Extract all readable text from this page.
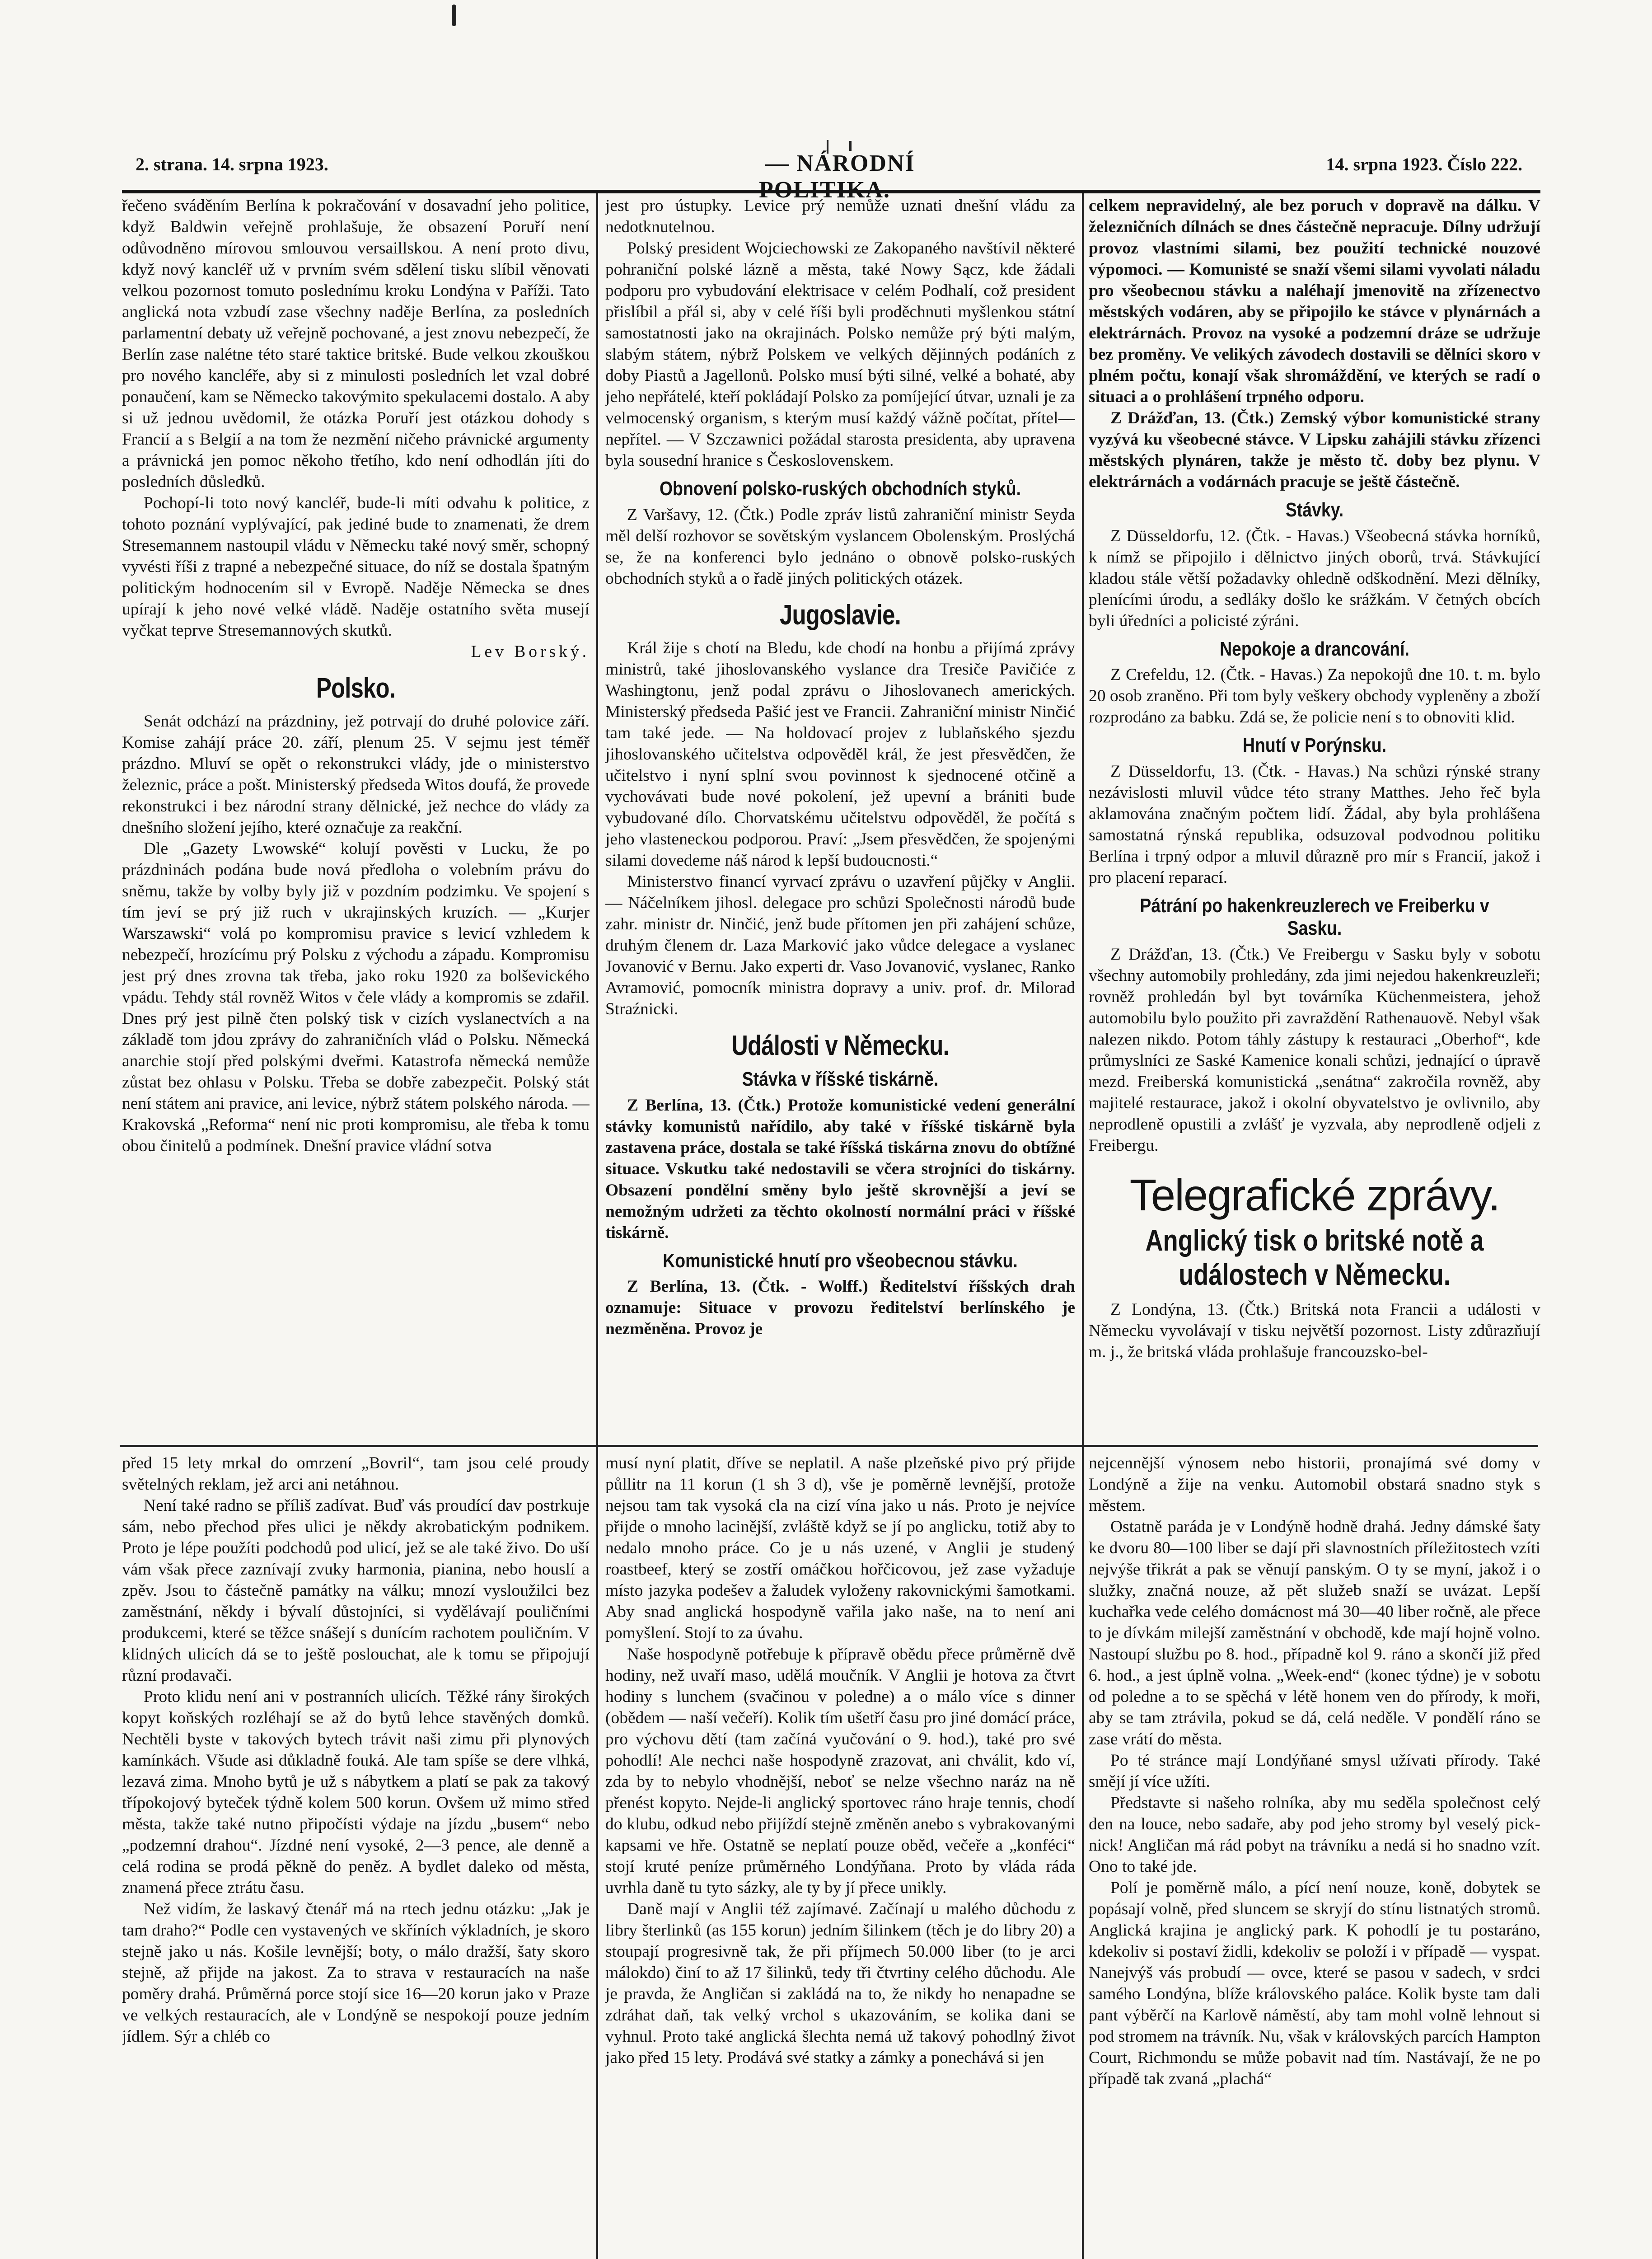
2. strana. 14. srpna 1923.	— NÁRODNÍ	14. srpna 1923. Číslo 222.

řečeno sváděním Berlína k pokračování v dosavadní jeho politice, když Baldwin veřejně prohlašuje, že obsazení Poruří není odůvodněno mírovou smlouvou versaillskou. A není proto divu, když nový kancléř už v prvním svém sdělení tisku slíbil věnovati velkou pozornost tomuto poslednímu kroku Londýna v Paříži. Tato anglická nota vzbudí zase všechny naděje Berlína, za posledních parlamentní debaty už veřejně pochované, a jest znovu nebezpečí, že Berlín zase nalétne této staré taktice britské. Bude velkou zkouškou pro nového kancléře, aby si z minulosti posledních let vzal dobré ponaučení, kam se Německo takovýmito spekulacemi dostalo. A aby si už jednou uvědomil, že otázka Poruří jest otázkou dohody s Francií a s Belgií a na tom že nezmění ničeho právnické argumenty a právnická jen pomoc někoho třetího, kdo není odhodlán jíti do posledních důsledků.

Pochopí-li toto nový kancléř, bude-li míti odvahu k politice, z tohoto poznání vyplývající, pak jediné bude to znamenati, že drem Stresemannem nastoupil vládu v Německu také nový směr, schopný vyvésti říši z trapné a nebezpečné situace, do níž se dostala špatným politickým hodnocením sil v Evropě. Naděje Německa se dnes upírají k jeho nové velké vládě. Naděje ostatního světa musejí vyčkat teprve Stresemannových skutků.

Lev Borský.
Polsko.

Senát odchází na prázdniny, jež potrvají do druhé polovice září. Komise zahájí práce 20. září, plenum 25. V sejmu jest téměř prázdno. Mluví se opět o rekonstrukci vlády, jde o ministerstvo železnic, práce a pošt. Ministerský předseda Witos doufá, že provede rekonstrukci i bez národní strany dělnické, jež nechce do vlády za dnešního složení jejího, které označuje za reakční.

Dle „Gazety Lwowské“ kolují pověsti v Lucku, že po prázdninách podána bude nová předloha o volebním právu do sněmu, takže by volby byly již v pozdním podzimku. Ve spojení s tím jeví se prý již ruch v ukrajinských kruzích. — „Kurjer Warszawski“ volá po kompromisu pravice s levicí vzhledem k nebezpečí, hrozícímu prý Polsku z východu a západu. Kompromisu jest prý dnes zrovna tak třeba, jako roku 1920 za bolševického vpádu. Tehdy stál rovněž Witos v čele vlády a kompromis se zdařil. Dnes prý jest pilně čten polský tisk v cizích vyslanectvích a na základě tom jdou zprávy do zahraničních vlád o Polsku. Německá anarchie stojí před polskými dveřmi. Katastrofa německá nemůže zůstat bez ohlasu v Polsku. Třeba se dobře zabezpečit. Polský stát není státem ani pravice, ani levice, nýbrž státem polského národa. — Krakovská „Reforma“ není nic proti kompromisu, ale třeba k tomu obou činitelů a podmínek. Dnešní pravice vládní sotva

jest pro ústupky. Levice prý nemůže uznati dnešní vládu za nedotknutelnou.

Polský president Wojciechowski ze Zakopaného navštívil některé pohraniční polské lázně a města, také Nowy Sącz, kde žádali podporu pro vybudování elektrisace v celém Podhalí, což president přislíbil a přál si, aby v celé říši byli proděchnuti myšlenkou státní samostatnosti jako na okrajinách. Polsko nemůže prý býti malým, slabým státem, nýbrž Polskem ve velkých dějinných podáních z doby Piastů a Jagellonů. Polsko musí býti silné, velké a bohaté, aby jeho nepřátelé, kteří pokládají Polsko za pomíjející útvar, uznali je za velmocenský organism, s kterým musí každý vážně počítat, přítel—nepřítel. — V Szczawnici požádal starosta presidenta, aby upravena byla sousední hranice s Československem.

Obnovení polsko-ruských obchodních styků.

Z Varšavy, 12. (Čtk.) Podle zpráv listů zahraniční ministr Seyda měl delší rozhovor se sovětským vyslancem Obolenským. Proslýchá se, že na konferenci bylo jednáno o obnově polsko-ruských obchodních styků a o řadě jiných politických otázek.

Jugoslavie.

Král žije s chotí na Bledu, kde chodí na honbu a přijímá zprávy ministrů, také jihoslovanského vyslance dra Tresiče Pavičiće z Washingtonu, jenž podal zprávu o Jihoslovanech amerických. Ministerský předseda Pašić jest ve Francii. Zahraniční ministr Ninčić tam také jede. — Na holdovací projev z lublaňského sjezdu jihoslovanského učitelstva odpověděl král, že jest přesvědčen, že učitelstvo i nyní splní svou povinnost k sjednocené otčině a vychovávati bude nové pokolení, jež upevní a brániti bude vybudované dílo. Chorvatskému učitelstvu odpověděl, že počítá s jeho vlasteneckou podporou. Praví: „Jsem přesvědčen, že spojenými silami dovedeme náš národ k lepší budoucnosti.“

Ministerstvo financí vyrvací zprávu o uzavření půjčky v Anglii. — Náčelníkem jihosl. delegace pro schůzi Společnosti národů bude zahr. ministr dr. Ninčić, jenž bude přítomen jen při zahájení schůze, druhým členem dr. Laza Marković jako vůdce delegace a vyslanec Jovanović v Bernu. Jako experti dr. Vaso Jovanović, vyslanec, Ranko Avramović, pomocník ministra dopravy a univ. prof. dr. Milorad Straźnicki.

Události v Německu.
Stávka v říšské tiskárně.

Z Berlína, 13. (Čtk.) Protože komunistické vedení generální stávky komunistů nařídilo, aby také v říšské tiskárně byla zastavena práce, dostala se také říšská tiskárna znovu do obtížné situace. Vskutku také nedostavili se včera strojníci do tiskárny. Obsazení pondělní směny bylo ještě skrovnější a jeví se nemožným udržeti za těchto okolností normální práci v říšské tiskárně.

Komunistické hnutí pro všeobecnou stávku.

Z Berlína, 13. (Čtk. - Wolff.) Ředitelství říšských drah oznamuje: Situace v provozu ředitelství berlínského je nezměněna. Provoz je

celkem nepravidelný, ale bez poruch v dopravě na dálku. V železničních dílnách se dnes částečně nepracuje. Dílny udržují provoz vlastními silami, bez použití technické nouzové výpomoci. — Komunisté se snaží všemi silami vyvolati náladu pro všeobecnou stávku a naléhají jmenovitě na zřízenectvo městských vodáren, aby se připojilo ke stávce v plynárnách a elektrárnách. Provoz na vysoké a podzemní dráze se udržuje bez proměny. Ve velikých závodech dostavili se dělníci skoro v plném počtu, konají však shromáždění, ve kterých se radí o situaci a o prohlášení trpného odporu.

Z Drážďan, 13. (Čtk.) Zemský výbor komunistické strany vyzývá ku všeobecné stávce. V Lipsku zahájili stávku zřízenci městských plynáren, takže je město tč. doby bez plynu. V elektrárnách a vodárnách pracuje se ještě částečně.

Stávky.

Z Düsseldorfu, 12. (Čtk. - Havas.) Všeobecná stávka horníků, k nímž se připojilo i dělnictvo jiných oborů, trvá. Stávkující kladou stále větší požadavky ohledně odškodnění. Mezi dělníky, plenícími úrodu, a sedláky došlo ke srážkám. V četných obcích byli úředníci a policisté zýráni.

Nepokoje a drancování.

Z Crefeldu, 12. (Čtk. - Havas.) Za nepokojů dne 10. t. m. bylo 20 osob zraněno. Při tom byly veškery obchody vypleněny a zboží rozprodáno za babku. Zdá se, že policie není s to obnoviti klid.

Hnutí v Porýnsku.

Z Düsseldorfu, 13. (Čtk. - Havas.) Na schůzi rýnské strany nezávislosti mluvil vůdce této strany Matthes. Jeho řeč byla aklamována značným počtem lidí. Žádal, aby byla prohlášena samostatná rýnská republika, odsuzoval podvodnou politiku Berlína i trpný odpor a mluvil důrazně pro mír s Francií, jakož i pro placení reparací.

Pátrání po hakenkreuzlerech ve Freiberku v Sasku.

Z Drážďan, 13. (Čtk.) Ve Freibergu v Sasku byly v sobotu všechny automobily prohledány, zda jimi nejedou hakenkreuzleři; rovněž prohledán byl byt továrníka Küchenmeistera, jehož automobilu bylo použito při zavraždění Rathenauově. Nebyl však nalezen nikdo. Potom táhly zástupy k restauraci „Oberhof“, kde průmyslníci ze Saské Kamenice konali schůzi, jednající o úpravě mezd. Freiberská komunistická „senátna“ zakročila rovněž, aby majitelé restaurace, jakož i okolní obyvatelstvo je ovlivnilo, aby neprodleně opustili a zvlášť je vyzvala, aby neprodleně odjeli z Freibergu.

Telegrafické zprávy.
Anglický tisk o britské notě a událostech v Německu.

Z Londýna, 13. (Čtk.) Britská nota Francii a události v Německu vyvolávají v tisku největší pozornost. Listy zdůrazňují m. j., že britská vláda prohlašuje francouzsko-bel-

před 15 lety mrkal do omrzení „Bovril“, tam jsou celé proudy světelných reklam, jež arci ani netáhnou.

Není také radno se příliš zadívat. Buď vás proudící dav postrkuje sám, nebo přechod přes ulici je někdy akrobatickým podnikem. Proto je lépe použíti podchodů pod ulicí, jež se ale také živo. Do uší vám však přece zaznívají zvuky harmonia, pianina, nebo houslí a zpěv. Jsou to částečně památky na válku; mnozí vysloužilci bez zaměstnání, někdy i bývalí důstojníci, si vydělávají pouličními produkcemi, které se těžce snášejí s dunícím rachotem pouličním. V klidných ulicích dá se to ještě poslouchat, ale k tomu se připojují různí prodavači.

Proto klidu není ani v postranních ulicích. Těžké rány širokých kopyt koňských rozléhají se až do bytů lehce stavěných domků. Nechtěli byste v takových bytech trávit naši zimu při plynových kamínkách. Všude asi důkladně fouká. Ale tam spíše se dere vlhká, lezavá zima. Mnoho bytů je už s nábytkem a platí se pak za takový třípokojový byteček týdně kolem 500 korun. Ovšem už mimo střed města, takže také nutno připočísti výdaje na jízdu „busem“ nebo „podzemní drahou“. Jízdné není vysoké, 2—3 pence, ale denně a celá rodina se prodá pěkně do peněz. A bydlet daleko od města, znamená přece ztrátu času.

Než vidím, že laskavý čtenář má na rtech jednu otázku: „Jak je tam draho?“ Podle cen vystavených ve skříních výkladních, je skoro stejně jako u nás. Košile levnější; boty, o málo dražší, šaty skoro stejně, až přijde na jakost. Za to strava v restauracích na naše poměry drahá. Průměrná porce stojí sice 16—20 korun jako v Praze ve velkých restauracích, ale v Londýně se nespokojí pouze jedním jídlem. Sýr a chléb co

musí nyní platit, dříve se neplatil. A naše plzeňské pivo prý přijde půllitr na 11 korun (1 sh 3 d), vše je poměrně levnější, protože nejsou tam tak vysoká cla na cizí vína jako u nás. Proto je nejvíce přijde o mnoho lacinější, zvláště když se jí po anglicku, totiž aby to nedalo mnoho práce. Co je u nás uzené, v Anglii je studený roastbeef, který se zostří omáčkou hořčicovou, jež zase vyžaduje místo jazyka podešev a žaludek vyloženy rakovnickými šamotkami. Aby snad anglická hospodyně vařila jako naše, na to není ani pomyšlení. Stojí to za úvahu.

Naše hospodyně potřebuje k přípravě obědu přece průměrně dvě hodiny, než uvaří maso, udělá moučník. V Anglii je hotova za čtvrt hodiny s lunchem (svačinou v poledne) a o málo více s dinner (obědem — naší večeří). Kolik tím ušetří času pro jiné domácí práce, pro výchovu dětí (tam začíná vyučování o 9. hod.), také pro své pohodlí! Ale nechci naše hospodyně zrazovat, ani chválit, kdo ví, zda by to nebylo vhodnější, neboť se nelze všechno naráz na ně přenést kopyto. Nejde-li anglický sportovec ráno hraje tennis, chodí do klubu, odkud nebo přijíždí stejně změněn anebo s vybrakovanými kapsami ve hře. Ostatně se neplatí pouze oběd, večeře a „konféci“ stojí kruté peníze průměrného Londýňana. Proto by vláda ráda uvrhla daně tu tyto sázky, ale ty by jí přece unikly.

Daně mají v Anglii též zajímavé. Začínají u malého důchodu z libry šterlinků (as 155 korun) jedním šilinkem (těch je do libry 20) a stoupají progresivně tak, že při příjmech 50.000 liber (to je arci málokdo) činí to až 17 šilinků, tedy tři čtvrtiny celého důchodu. Ale je pravda, že Angličan si zakládá na to, že nikdy ho nenapadne se zdráhat daň, tak velký vrchol s ukazováním, se kolika dani se vyhnul. Proto také anglická šlechta nemá už takový pohodlný život jako před 15 lety. Prodává své statky a zámky a ponechává si jen

nejcennější výnosem nebo historii, pronajímá své domy v Londýně a žije na venku. Automobil obstará snadno styk s městem.

Ostatně paráda je v Londýně hodně drahá. Jedny dámské šaty ke dvoru 80—100 liber se dají při slavnostních příležitostech vzíti nejvýše třikrát a pak se věnují panským. O ty se myní, jakož i o služky, značná nouze, až pět služeb snaží se uvázat. Lepší kuchařka vede celého domácnost má 30—40 liber ročně, ale přece to je dívkám milejší zaměstnání v obchodě, kde mají hojně volno. Nastoupí službu po 8. hod., případně kol 9. ráno a skončí již před 6. hod., a jest úplně volna. „Week-end“ (konec týdne) je v sobotu od poledne a to se spěchá v létě honem ven do přírody, k moři, aby se tam ztrávila, pokud se dá, celá neděle. V pondělí ráno se zase vrátí do města.

Po té stránce mají Londýňané smysl užívati přírody. Také smějí jí více užíti.

Představte si našeho rolníka, aby mu seděla společnost celý den na louce, nebo sadaře, aby pod jeho stromy byl veselý pick-nick! Angličan má rád pobyt na trávníku a nedá si ho snadno vzít. Ono to také jde.

Polí je poměrně málo, a pící není nouze, koně, dobytek se popásají volně, před sluncem se skryjí do stínu listnatých stromů. Anglická krajina je anglický park. K pohodlí je tu postaráno, kdekoliv si postaví židli, kdekoliv se položí i v případě — vyspat. Nanejvýš vás probudí — ovce, které se pasou v sadech, v srdci samého Londýna, blíže královského paláce. Kolik byste tam dali pant výběrčí na Karlově náměstí, aby tam mohl volně lehnout si pod stromem na trávník. Nu, však v královských parcích Hampton Court, Richmondu se může pobavit nad tím. Nastávají, že ne po případě tak zvaná „plachá“
